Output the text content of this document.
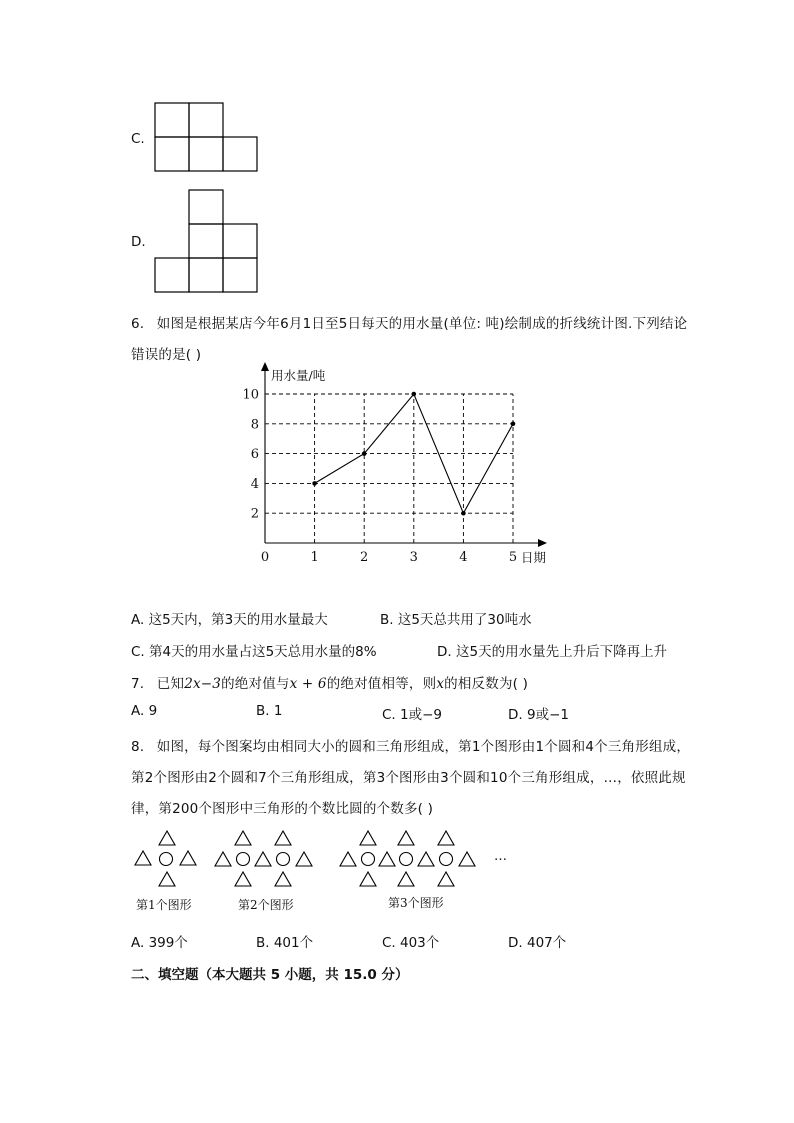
C.
D.
6. 如图是根据某店今年6月1日至5日每天的用水量(单位: 吨)绘制成的折线统计图.下列结论
错误的是( )
0	1	2	3	4	5
2
4
6
8
10
用水量/吨
日期
A. 这5天内，第3天的用水量最大	B. 这5天总共用了30吨水
C. 第4天的用水量占这5天总用水量的8%	D. 这5天的用水量先上升后下降再上升
7. 已知2x−3的绝对值与x + 6的绝对值相等，则x的相反数为( )
A. 9	B. 1	C. 1或−9	D. 9或−1
8. 如图，每个图案均由相同大小的圆和三角形组成，第1个图形由1个圆和4个三角形组成，
第2个图形由2个圆和7个三角形组成，第3个图形由3个圆和10个三角形组成，…，依照此规
律，第200个图形中三角形的个数比圆的个数多( )
…
第1个图形	第2个图形	第3个图形
A. 399个	B. 401个	C. 403个	D. 407个
二、填空题（本大题共 5 小题，共 15.0 分）
